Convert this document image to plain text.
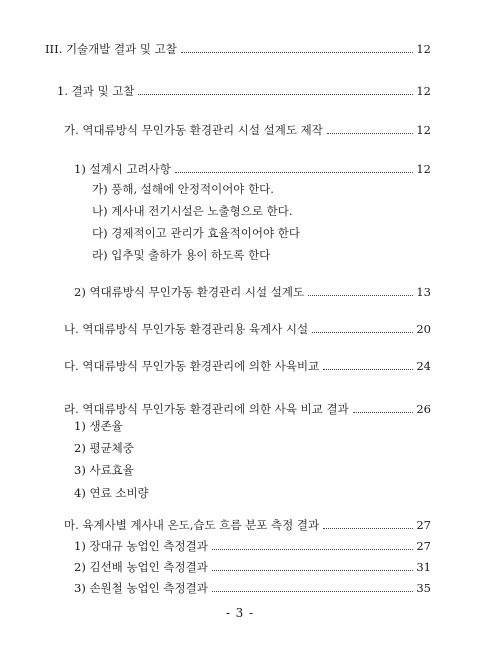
III. 기술개발 결과 및 고찰	12
1. 결과 및 고찰	12
가. 역대류방식 무인가동 환경관리 시설 설계도 제작	12
1) 설계시 고려사항	12
가) 풍해, 설해에 안정적이어야 한다.
나) 계사내 전기시설은 노출형으로 한다.
다) 경제적이고 관리가 효율적이어야 한다
라) 입추및 출하가 용이 하도록 한다
2) 역대류방식 무인가동 환경관리 시설 설계도	13
나. 역대류방식 무인가동 환경관리용 육계사 시설	20
다. 역대류방식 무인가동 환경관리에 의한 사육비교	24
라. 역대류방식 무인가동 환경관리에 의한 사육 비교 결과	26
1) 생존율
2) 평균체중
3) 사료효율
4) 연료 소비량
마. 육계사별 계사내 온도,습도 흐름 분포 측정 결과	27
1) 장대규 농업인 측정결과	27
2) 김선배 농업인 측정결과	31
3) 손원철 농업인 측정결과	35
- 3 -
